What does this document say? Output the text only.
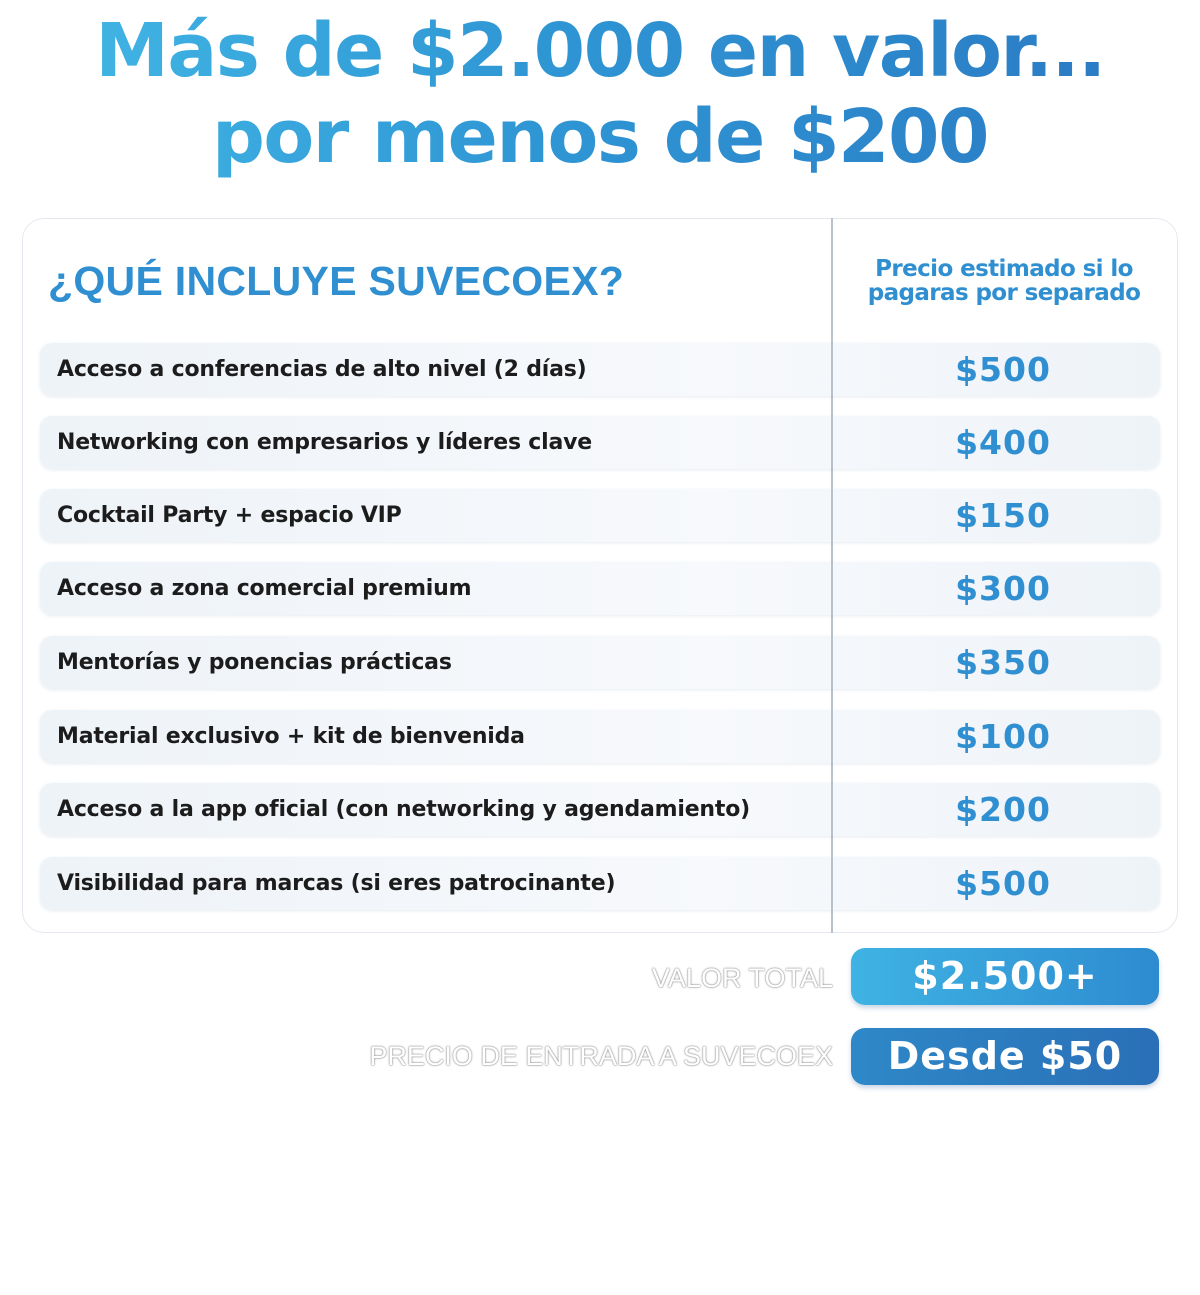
Más de $2.000 en valor...
por menos de $200
¿QUÉ INCLUYE SUVECOEX?	Precio estimado si lo pagaras por separado
Acceso a conferencias de alto nivel (2 días)	$500
Networking con empresarios y líderes clave	$400
Cocktail Party + espacio VIP	$150
Acceso a zona comercial premium	$300
Mentorías y ponencias prácticas	$350
Material exclusivo + kit de bienvenida	$100
Acceso a la app oficial (con networking y agendamiento)	$200
Visibilidad para marcas (si eres patrocinante)	$500
VALOR TOTAL	$2.500+
PRECIO DE ENTRADA A SUVECOEX	Desde $50
